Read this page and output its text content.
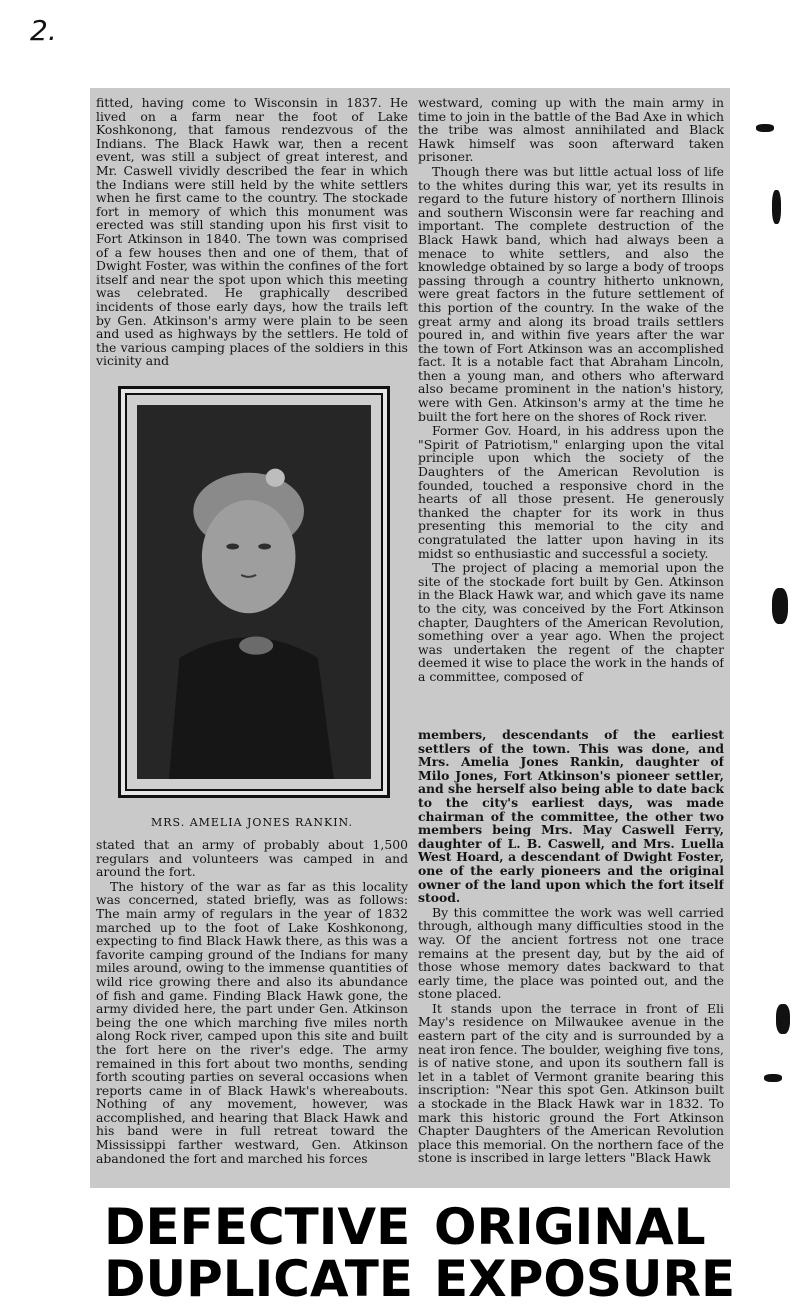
2.

fitted, having come to Wisconsin in 1837. He lived on a farm near the foot of Lake Koshkonong, that famous rendezvous of the Indians. The Black Hawk war, then a recent event, was still a subject of great interest, and Mr. Caswell vividly described the fear in which the Indians were still held by the white settlers when he first came to the country. The stockade fort in memory of which this monument was erected was still standing upon his first visit to Fort Atkinson in 1840. The town was comprised of a few houses then and one of them, that of Dwight Foster, was within the confines of the fort itself and near the spot upon which this meeting was celebrated. He graphically described incidents of those early days, how the trails left by Gen. Atkinson's army were plain to be seen and used as highways by the settlers. He told of the various camping places of the soldiers in this vicinity and

MRS. AMELIA JONES RANKIN.

stated that an army of probably about 1,500 regulars and volunteers was camped in and around the fort.

The history of the war as far as this locality was concerned, stated briefly, was as follows: The main army of regulars in the year of 1832 marched up to the foot of Lake Koshkonong, expecting to find Black Hawk there, as this was a favorite camping ground of the Indians for many miles around, owing to the immense quantities of wild rice growing there and also its abundance of fish and game. Finding Black Hawk gone, the army divided here, the part under Gen. Atkinson being the one which marching five miles north along Rock river, camped upon this site and built the fort here on the river's edge. The army remained in this fort about two months, sending forth scouting parties on several occasions when reports came in of Black Hawk's whereabouts. Nothing of any movement, however, was accomplished, and hearing that Black Hawk and his band were in full retreat toward the Mississippi farther westward, Gen. Atkinson abandoned the fort and marched his forces

westward, coming up with the main army in time to join in the battle of the Bad Axe in which the tribe was almost annihilated and Black Hawk himself was soon afterward taken prisoner.

Though there was but little actual loss of life to the whites during this war, yet its results in regard to the future history of northern Illinois and southern Wisconsin were far reaching and important. The complete destruction of the Black Hawk band, which had always been a menace to white settlers, and also the knowledge obtained by so large a body of troops passing through a country hitherto unknown, were great factors in the future settlement of this portion of the country. In the wake of the great army and along its broad trails settlers poured in, and within five years after the war the town of Fort Atkinson was an accomplished fact. It is a notable fact that Abraham Lincoln, then a young man, and others who afterward also became prominent in the nation's history, were with Gen. Atkinson's army at the time he built the fort here on the shores of Rock river.

Former Gov. Hoard, in his address upon the "Spirit of Patriotism," enlarging upon the vital principle upon which the society of the Daughters of the American Revolution is founded, touched a responsive chord in the hearts of all those present. He generously thanked the chapter for its work in thus presenting this memorial to the city and congratulated the latter upon having in its midst so enthusiastic and successful a society.

The project of placing a memorial upon the site of the stockade fort built by Gen. Atkinson in the Black Hawk war, and which gave its name to the city, was conceived by the Fort Atkinson chapter, Daughters of the American Revolution, something over a year ago. When the project was undertaken the regent of the chapter deemed it wise to place the work in the hands of a committee, composed of

members, descendants of the earliest settlers of the town. This was done, and Mrs. Amelia Jones Rankin, daughter of Milo Jones, Fort Atkinson's pioneer settler, and she herself also being able to date back to the city's earliest days, was made chairman of the committee, the other two members being Mrs. May Caswell Ferry, daughter of L. B. Caswell, and Mrs. Luella West Hoard, a descendant of Dwight Foster, one of the early pioneers and the original owner of the land upon which the fort itself stood.

By this committee the work was well carried through, although many difficulties stood in the way. Of the ancient fortress not one trace remains at the present day, but by the aid of those whose memory dates backward to that early time, the place was pointed out, and the stone placed.

It stands upon the terrace in front of Eli May's residence on Milwaukee avenue in the eastern part of the city and is surrounded by a neat iron fence. The boulder, weighing five tons, is of native stone, and upon its southern fall is let in a tablet of Vermont granite bearing this inscription: "Near this spot Gen. Atkinson built a stockade in the Black Hawk war in 1832. To mark this historic ground the Fort Atkinson Chapter Daughters of the American Revolution place this memorial. On the northern face of the stone is inscribed in large letters "Black Hawk

DEFECTIVE ORIGINAL
DUPLICATE EXPOSURE
